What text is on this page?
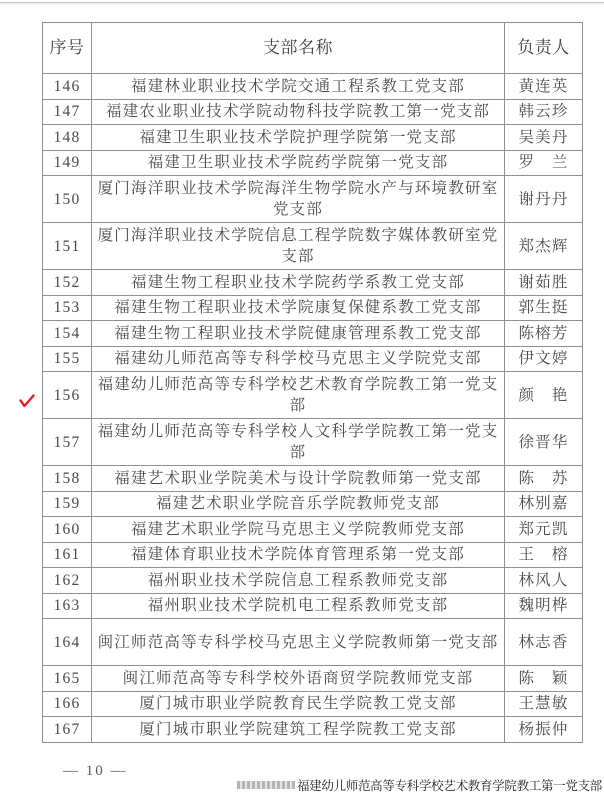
序号	支部名称	负责人
146	福建林业职业技术学院交通工程系教工党支部	黄连英
147	福建农业职业技术学院动物科技学院教工第一党支部	韩云珍
148	福建卫生职业技术学院护理学院第一党支部	吴美丹
149	福建卫生职业技术学院药学院第一党支部	罗　兰
150	厦门海洋职业技术学院海洋生物学院水产与环境教研室党支部	谢丹丹
151	厦门海洋职业技术学院信息工程学院数字媒体教研室党支部	郑杰辉
152	福建生物工程职业技术学院药学系教工党支部	谢茹胜
153	福建生物工程职业技术学院康复保健系教工党支部	郭生挺
154	福建生物工程职业技术学院健康管理系教工党支部	陈榕芳
155	福建幼儿师范高等专科学校马克思主义学院党支部	伊文婷
156	福建幼儿师范高等专科学校艺术教育学院教工第一党支部	颜　艳
157	福建幼儿师范高等专科学校人文科学学院教工第一党支部	徐晋华
158	福建艺术职业学院美术与设计学院教师第一党支部	陈　苏
159	福建艺术职业学院音乐学院教师党支部	林别嘉
160	福建艺术职业学院马克思主义学院教师党支部	郑元凯
161	福建体育职业技术学院体育管理系第一党支部	王　榕
162	福州职业技术学院信息工程系教师党支部	林风人
163	福州职业技术学院机电工程系教师党支部	魏明桦
164	闽江师范高等专科学校马克思主义学院教师第一党支部	林志香
165	闽江师范高等专科学校外语商贸学院教师党支部	陈　颖
166	厦门城市职业学院教育民生学院教工党支部	王慧敏
167	厦门城市职业学院建筑工程学院教工党支部	杨振仲
— 10 —
福建幼儿师范高等专科学校艺术教育学院教工第一党支部
